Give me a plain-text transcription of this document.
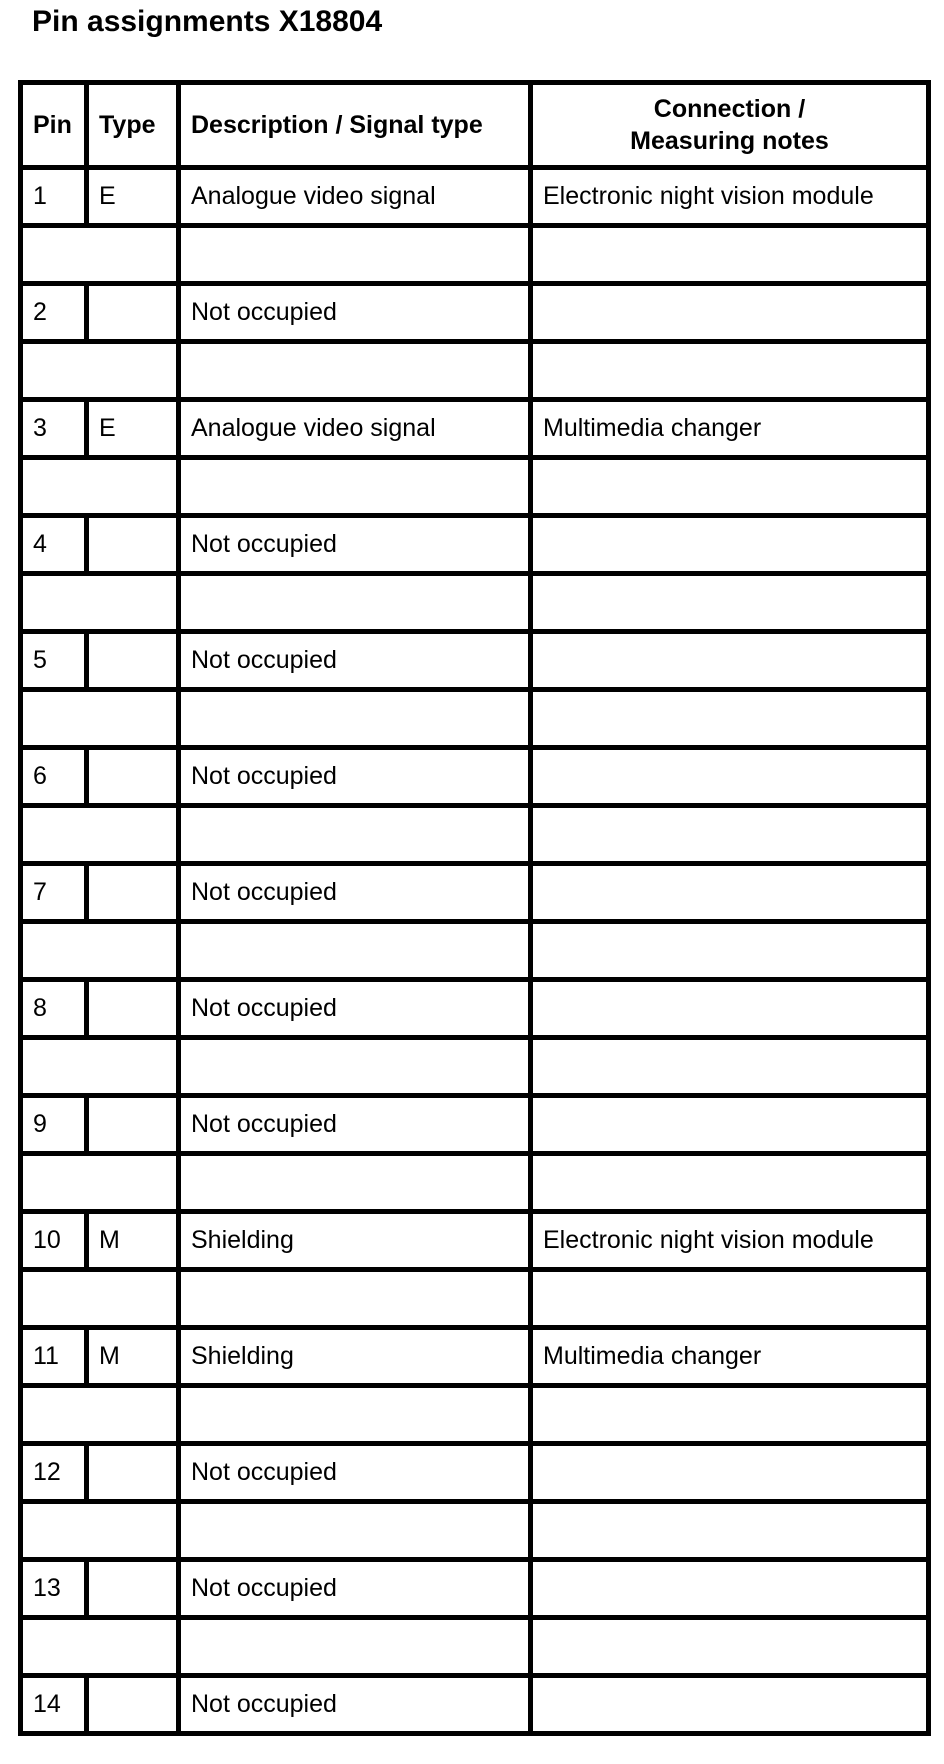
Pin assignments X18804
Pin	Type	Description / Signal type	Connection /
Measuring notes
1	E	Analogue video signal	Electronic night vision module

2		Not occupied	

3	E	Analogue video signal	Multimedia changer

4		Not occupied	

5		Not occupied	

6		Not occupied	

7		Not occupied	

8		Not occupied	

9		Not occupied	

10	M	Shielding	Electronic night vision module

11	M	Shielding	Multimedia changer

12		Not occupied	

13		Not occupied	

14		Not occupied	
